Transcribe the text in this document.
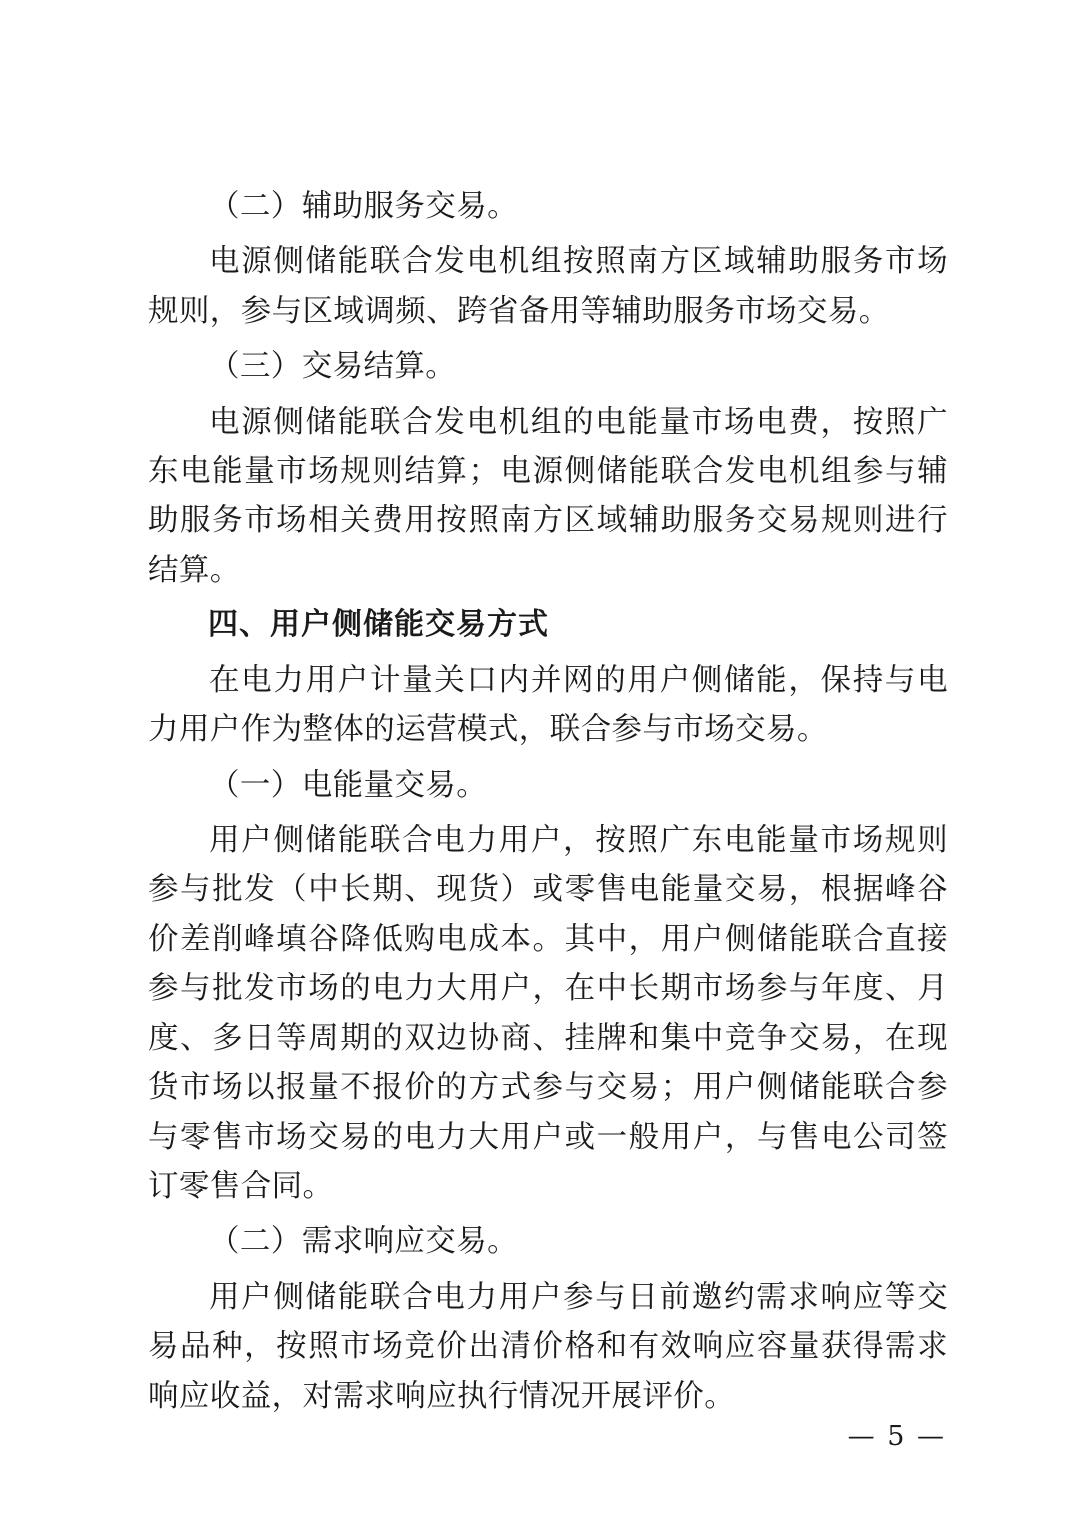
（二）辅助服务交易。

电源侧储能联合发电机组按照南方区域辅助服务市场规则，参与区域调频、跨省备用等辅助服务市场交易。

（三）交易结算。

电源侧储能联合发电机组的电能量市场电费，按照广东电能量市场规则结算；电源侧储能联合发电机组参与辅助服务市场相关费用按照南方区域辅助服务交易规则进行结算。

四、用户侧储能交易方式

在电力用户计量关口内并网的用户侧储能，保持与电力用户作为整体的运营模式，联合参与市场交易。

（一）电能量交易。

用户侧储能联合电力用户，按照广东电能量市场规则参与批发（中长期、现货）或零售电能量交易，根据峰谷价差削峰填谷降低购电成本。其中，用户侧储能联合直接参与批发市场的电力大用户，在中长期市场参与年度、月度、多日等周期的双边协商、挂牌和集中竞争交易，在现货市场以报量不报价的方式参与交易；用户侧储能联合参与零售市场交易的电力大用户或一般用户，与售电公司签订零售合同。

（二）需求响应交易。

用户侧储能联合电力用户参与日前邀约需求响应等交易品种，按照市场竞价出清价格和有效响应容量获得需求响应收益，对需求响应执行情况开展评价。

— 5 —
